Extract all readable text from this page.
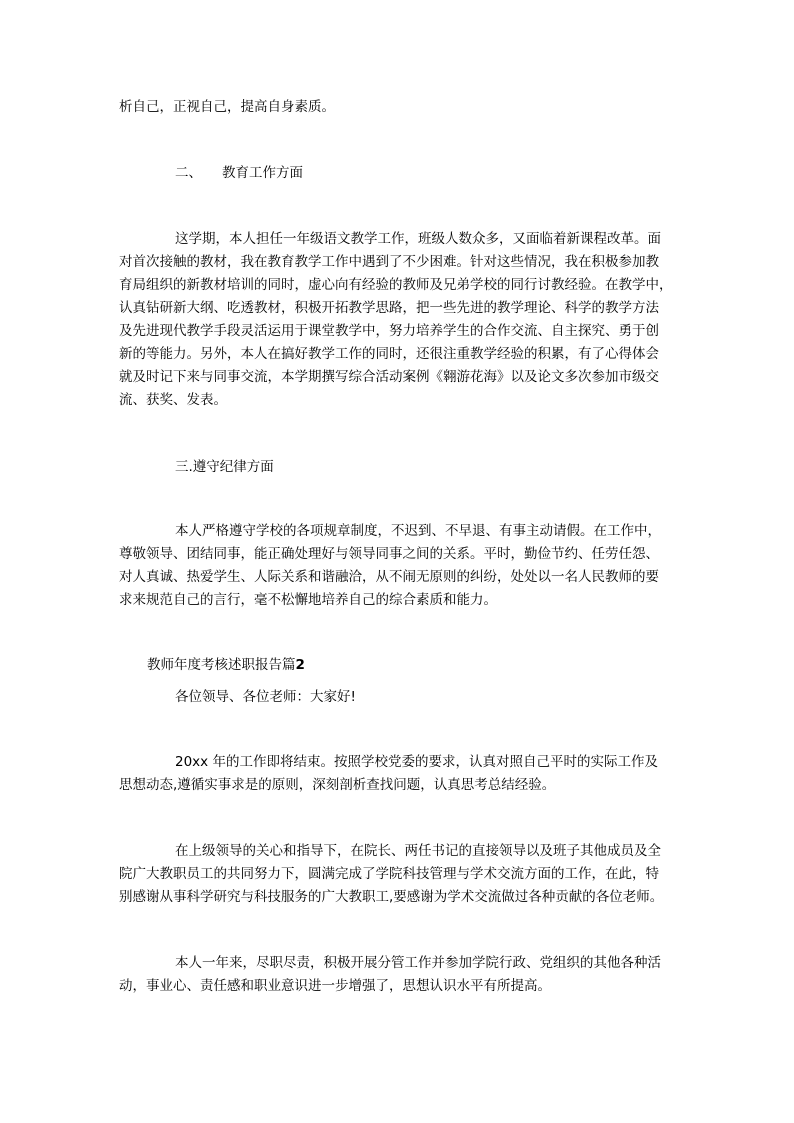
析自己，正视自己，提高自身素质。
二、 教育工作方面
这学期，本人担任一年级语文教学工作，班级人数众多，又面临着新课程改革。面
对首次接触的教材，我在教育教学工作中遇到了不少困难。针对这些情况，我在积极参加教
育局组织的新教材培训的同时，虚心向有经验的教师及兄弟学校的同行讨教经验。在教学中，
认真钻研新大纲、吃透教材，积极开拓教学思路，把一些先进的教学理论、科学的教学方法
及先进现代教学手段灵活运用于课堂教学中，努力培养学生的合作交流、自主探究、勇于创
新的等能力。另外，本人在搞好教学工作的同时，还很注重教学经验的积累，有了心得体会
就及时记下来与同事交流，本学期撰写综合活动案例《翱游花海》以及论文多次参加市级交
流、获奖、发表。
三.遵守纪律方面
本人严格遵守学校的各项规章制度，不迟到、不早退、有事主动请假。在工作中，
尊敬领导、团结同事，能正确处理好与领导同事之间的关系。平时，勤俭节约、任劳任怨、
对人真诚、热爱学生、人际关系和谐融洽，从不闹无原则的纠纷，处处以一名人民教师的要
求来规范自己的言行，毫不松懈地培养自己的综合素质和能力。
教师年度考核述职报告篇2
各位领导、各位老师：大家好!
20xx 年的工作即将结束。按照学校党委的要求，认真对照自己平时的实际工作及
思想动态,遵循实事求是的原则，深刻剖析查找问题，认真思考总结经验。
在上级领导的关心和指导下，在院长、两任书记的直接领导以及班子其他成员及全
院广大教职员工的共同努力下，圆满完成了学院科技管理与学术交流方面的工作，在此，特
别感谢从事科学研究与科技服务的广大教职工,要感谢为学术交流做过各种贡献的各位老师。
本人一年来，尽职尽责，积极开展分管工作并参加学院行政、党组织的其他各种活
动，事业心、责任感和职业意识进一步增强了，思想认识水平有所提高。
